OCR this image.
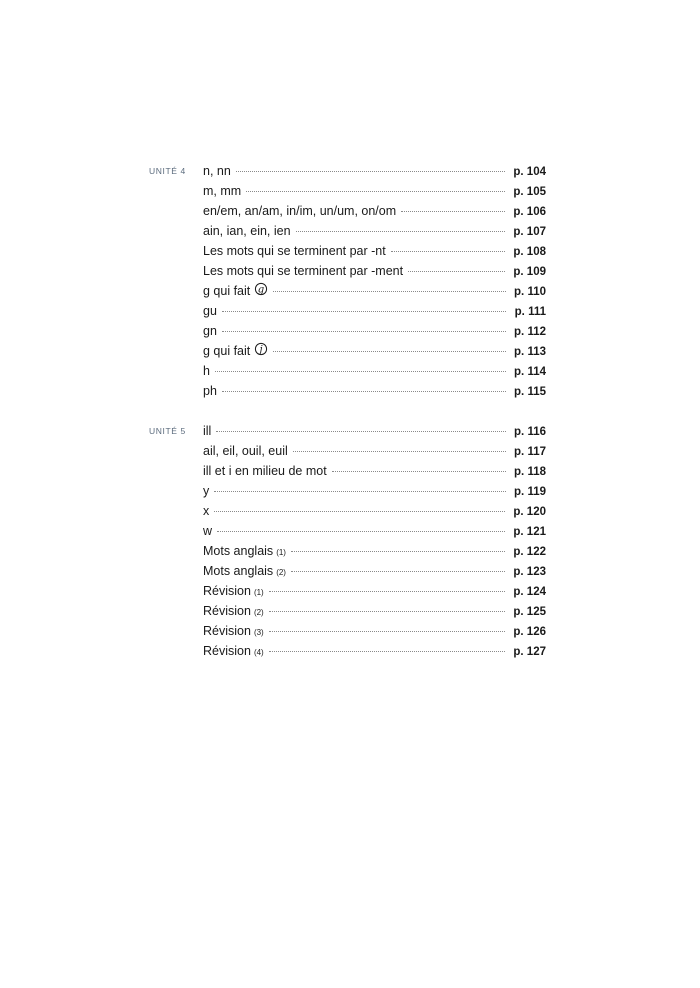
UNITÉ 4 n, nn	p. 104
m, mm	p. 105
en/em, an/am, in/im, un/um, on/om	p. 106
ain, ian, ein, ien	p. 107
Les mots qui se terminent par -nt	p. 108
Les mots qui se terminent par -ment	p. 109
g qui fait g	p. 110
gu	p. 111
gn	p. 112
g qui fait j	p. 113
h	p. 114
ph	p. 115
UNITÉ 5 ill	p. 116
ail, eil, ouil, euil	p. 117
ill et i en milieu de mot	p. 118
y	p. 119
x	p. 120
w	p. 121
Mots anglais (1)	p. 122
Mots anglais (2)	p. 123
Révision (1)	p. 124
Révision (2)	p. 125
Révision (3)	p. 126
Révision (4)	p. 127
